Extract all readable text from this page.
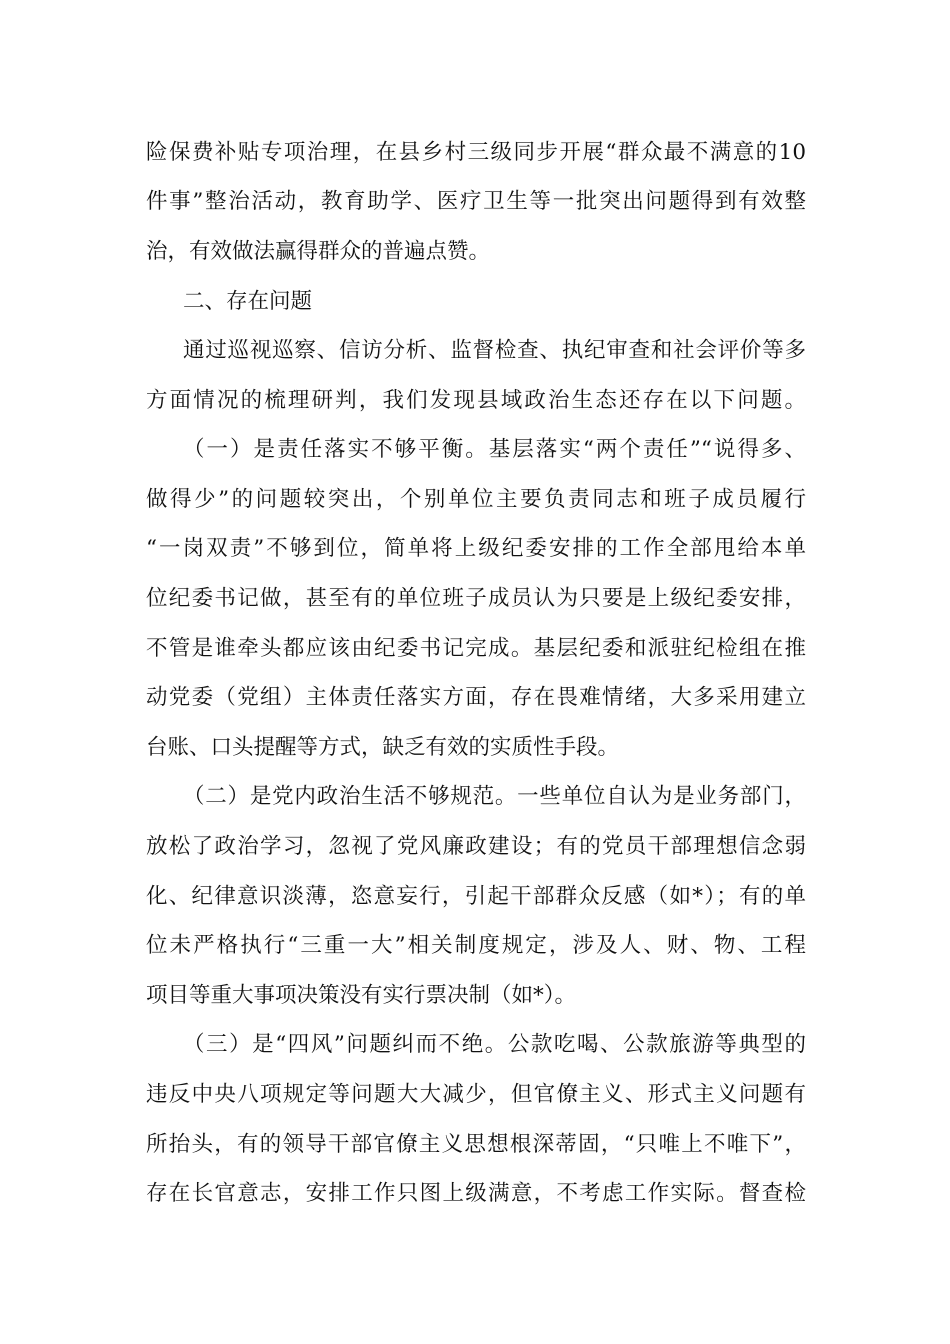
险保费补贴专项治理，在县乡村三级同步开展“群众最不满意的10
件事”整治活动，教育助学、医疗卫生等一批突出问题得到有效整
治，有效做法赢得群众的普遍点赞。
二、存在问题
通过巡视巡察、信访分析、监督检查、执纪审查和社会评价等多
方面情况的梳理研判，我们发现县域政治生态还存在以下问题。
（一）是责任落实不够平衡。基层落实“两个责任”“说得多、
做得少”的问题较突出，个别单位主要负责同志和班子成员履行
“一岗双责”不够到位，简单将上级纪委安排的工作全部甩给本单
位纪委书记做，甚至有的单位班子成员认为只要是上级纪委安排，
不管是谁牵头都应该由纪委书记完成。基层纪委和派驻纪检组在推
动党委（党组）主体责任落实方面，存在畏难情绪，大多采用建立
台账、口头提醒等方式，缺乏有效的实质性手段。
（二）是党内政治生活不够规范。一些单位自认为是业务部门，
放松了政治学习，忽视了党风廉政建设；有的党员干部理想信念弱
化、纪律意识淡薄，恣意妄行，引起干部群众反感（如*）；有的单
位未严格执行“三重一大”相关制度规定，涉及人、财、物、工程
项目等重大事项决策没有实行票决制（如*）。
（三）是“四风”问题纠而不绝。公款吃喝、公款旅游等典型的
违反中央八项规定等问题大大减少，但官僚主义、形式主义问题有
所抬头，有的领导干部官僚主义思想根深蒂固，“只唯上不唯下”，
存在长官意志，安排工作只图上级满意，不考虑工作实际。督查检
